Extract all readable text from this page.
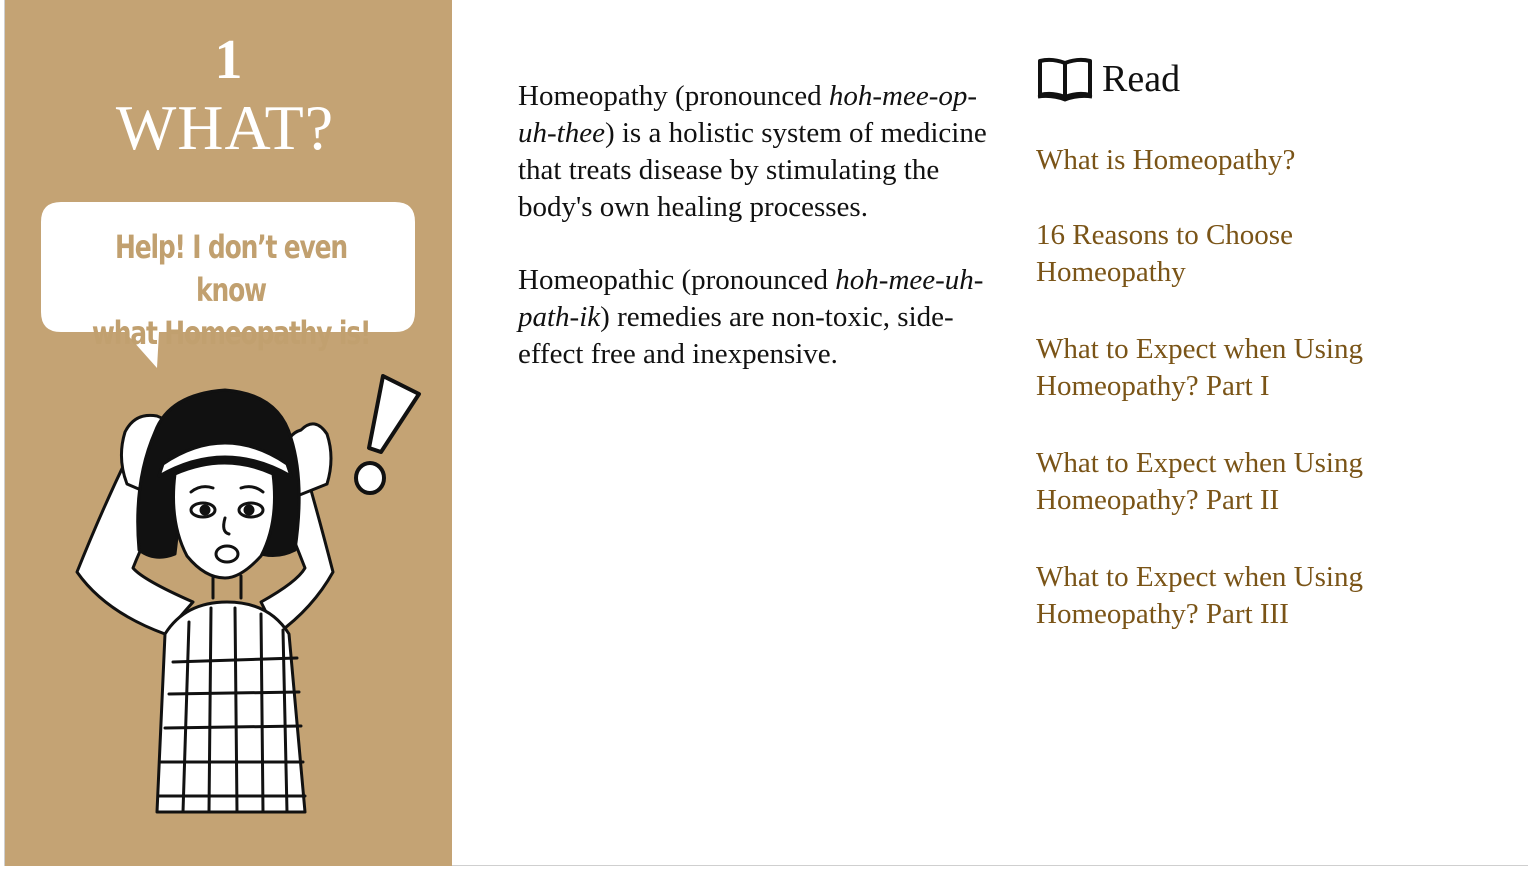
1
WHAT?
Help! I don’t even know
what Homeopathy is!

Homeopathy (pronounced hoh-mee-op-uh-thee) is a holistic system of medicine that treats disease by stimulating the body's own healing processes.

Homeopathic (pronounced hoh-mee-uh-path-ik) remedies are non-toxic, side-effect free and inexpensive.

Read
What is Homeopathy?
16 Reasons to Choose
Homeopathy
What to Expect when Using
Homeopathy? Part I
What to Expect when Using
Homeopathy? Part II
What to Expect when Using
Homeopathy? Part III
